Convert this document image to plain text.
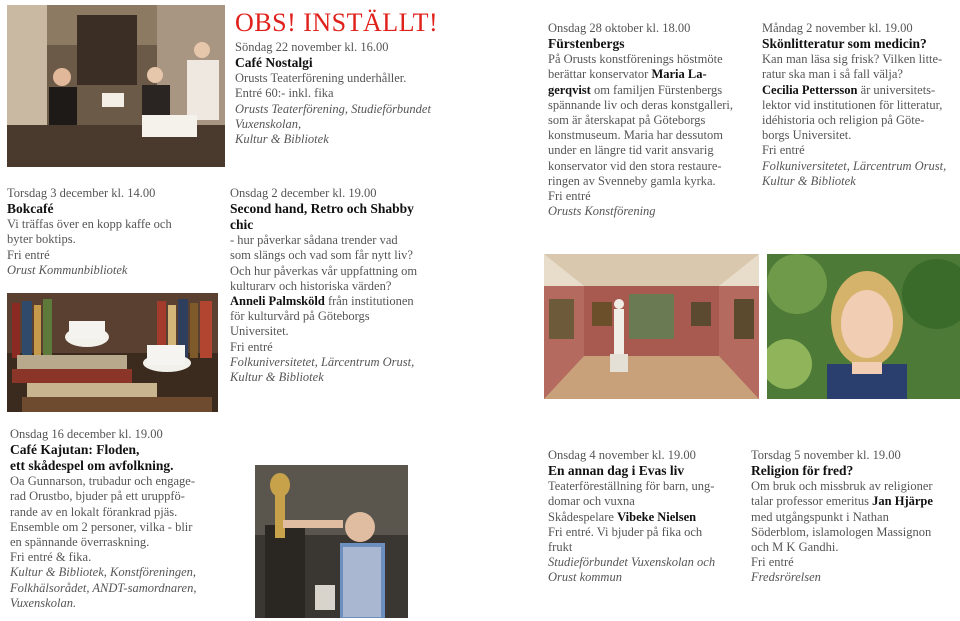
OBS! INSTÄLLT!
Söndag 22 november kl. 16.00
Café Nostalgi
Orusts Teaterförening underhåller.
Entré 60:- inkl. fika
Orusts Teaterförening, Studieförbundet
Vuxenskolan,
Kultur & Bibliotek
Torsdag 3 december kl. 14.00
Bokcafé
Vi träffas över en kopp kaffe och
byter boktips.
Fri entré
Orust Kommunbibliotek
Onsdag 2 december kl. 19.00
Second hand, Retro och Shabby
chic
- hur påverkar sådana trender vad
som slängs och vad som får nytt liv?
Och hur påverkas vår uppfattning om
kulturarv och historiska värden?
Anneli Palmsköld från institutionen
för kulturvård på Göteborgs
Universitet.
Fri entré
Folkuniversitetet, Lärcentrum Orust,
Kultur & Bibliotek
Onsdag 28 oktober kl. 18.00
Fürstenbergs
På Orusts konstförenings höstmöte
berättar konservator Maria La-
gerqvist om familjen Fürstenbergs
spännande liv och deras konstgalleri,
som är återskapat på Göteborgs
konstmuseum. Maria har dessutom
under en längre tid varit ansvarig
konservator vid den stora restaure-
ringen av Svenneby gamla kyrka.
Fri entré
Orusts Konstförening
Måndag 2 november kl. 19.00
Skönlitteratur som medicin?
Kan man läsa sig frisk? Vilken litte-
ratur ska man i så fall välja?
Cecilia Pettersson är universitets-
lektor vid institutionen för litteratur,
idéhistoria och religion på Göte-
borgs Universitet.
Fri entré
Folkuniversitetet, Lärcentrum Orust,
Kultur & Bibliotek
Onsdag 16 december kl. 19.00
Café Kajutan: Floden,
ett skådespel om avfolkning.
Oa Gunnarson, trubadur och engage-
rad Orustbo, bjuder på ett uruppfö-
rande av en lokalt förankrad pjäs.
Ensemble om 2 personer, vilka - blir
en spännande överraskning.
Fri entré & fika.
Kultur & Bibliotek, Konstföreningen,
Folkhälsorådet, ANDT-samordnaren,
Vuxenskolan.
Onsdag 4 november kl. 19.00
En annan dag i Evas liv
Teaterföreställning för barn, ung-
domar och vuxna
Skådespelare Vibeke Nielsen
Fri entré. Vi bjuder på fika och
frukt
Studieförbundet Vuxenskolan och
Orust kommun
Torsdag 5 november kl. 19.00
Religion för fred?
Om bruk och missbruk av religioner
talar professor emeritus Jan Hjärpe
med utgångspunkt i Nathan
Söderblom, islamologen Massignon
och M K Gandhi.
Fri entré
Fredsrörelsen
